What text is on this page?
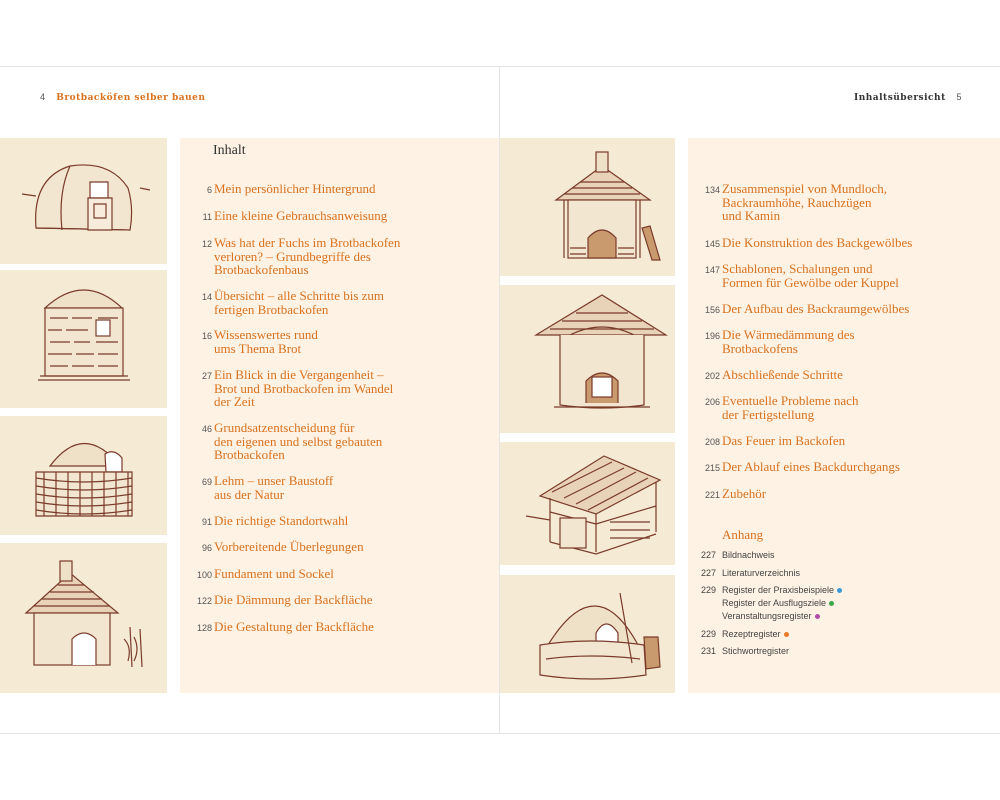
4 Brotbacköfen selber bauen	Inhaltsübersicht 5
Inhalt
6 Mein persönlicher Hintergrund
11 Eine kleine Gebrauchsanweisung
12 Was hat der Fuchs im Brotbackofen
verloren? – Grundbegriffe des
Brotbackofenbaus
14 Übersicht – alle Schritte bis zum
fertigen Brotbackofen
16 Wissenswertes rund
ums Thema Brot
27 Ein Blick in die Vergangenheit –
Brot und Brotbackofen im Wandel
der Zeit
46 Grundsatzentscheidung für
den eigenen und selbst gebauten
Brotbackofen
69 Lehm – unser Baustoff
aus der Natur
91 Die richtige Standortwahl
96 Vorbereitende Überlegungen
100 Fundament und Sockel
122 Die Dämmung der Backfläche
128 Die Gestaltung der Backfläche
134 Zusammenspiel von Mundloch,
Backraumhöhe, Rauchzügen
und Kamin
145 Die Konstruktion des Backgewölbes
147 Schablonen, Schalungen und
Formen für Gewölbe oder Kuppel
156 Der Aufbau des Backraumgewölbes
196 Die Wärmedämmung des
Brotbackofens
202 Abschließende Schritte
206 Eventuelle Probleme nach
der Fertigstellung
208 Das Feuer im Backofen
215 Der Ablauf eines Backdurchgangs
221 Zubehör
Anhang
227 Bildnachweis
227 Literaturverzeichnis
229 Register der Praxisbeispiele
Register der Ausflugsziele
Veranstaltungsregister
229 Rezeptregister
231 Stichwortregister
